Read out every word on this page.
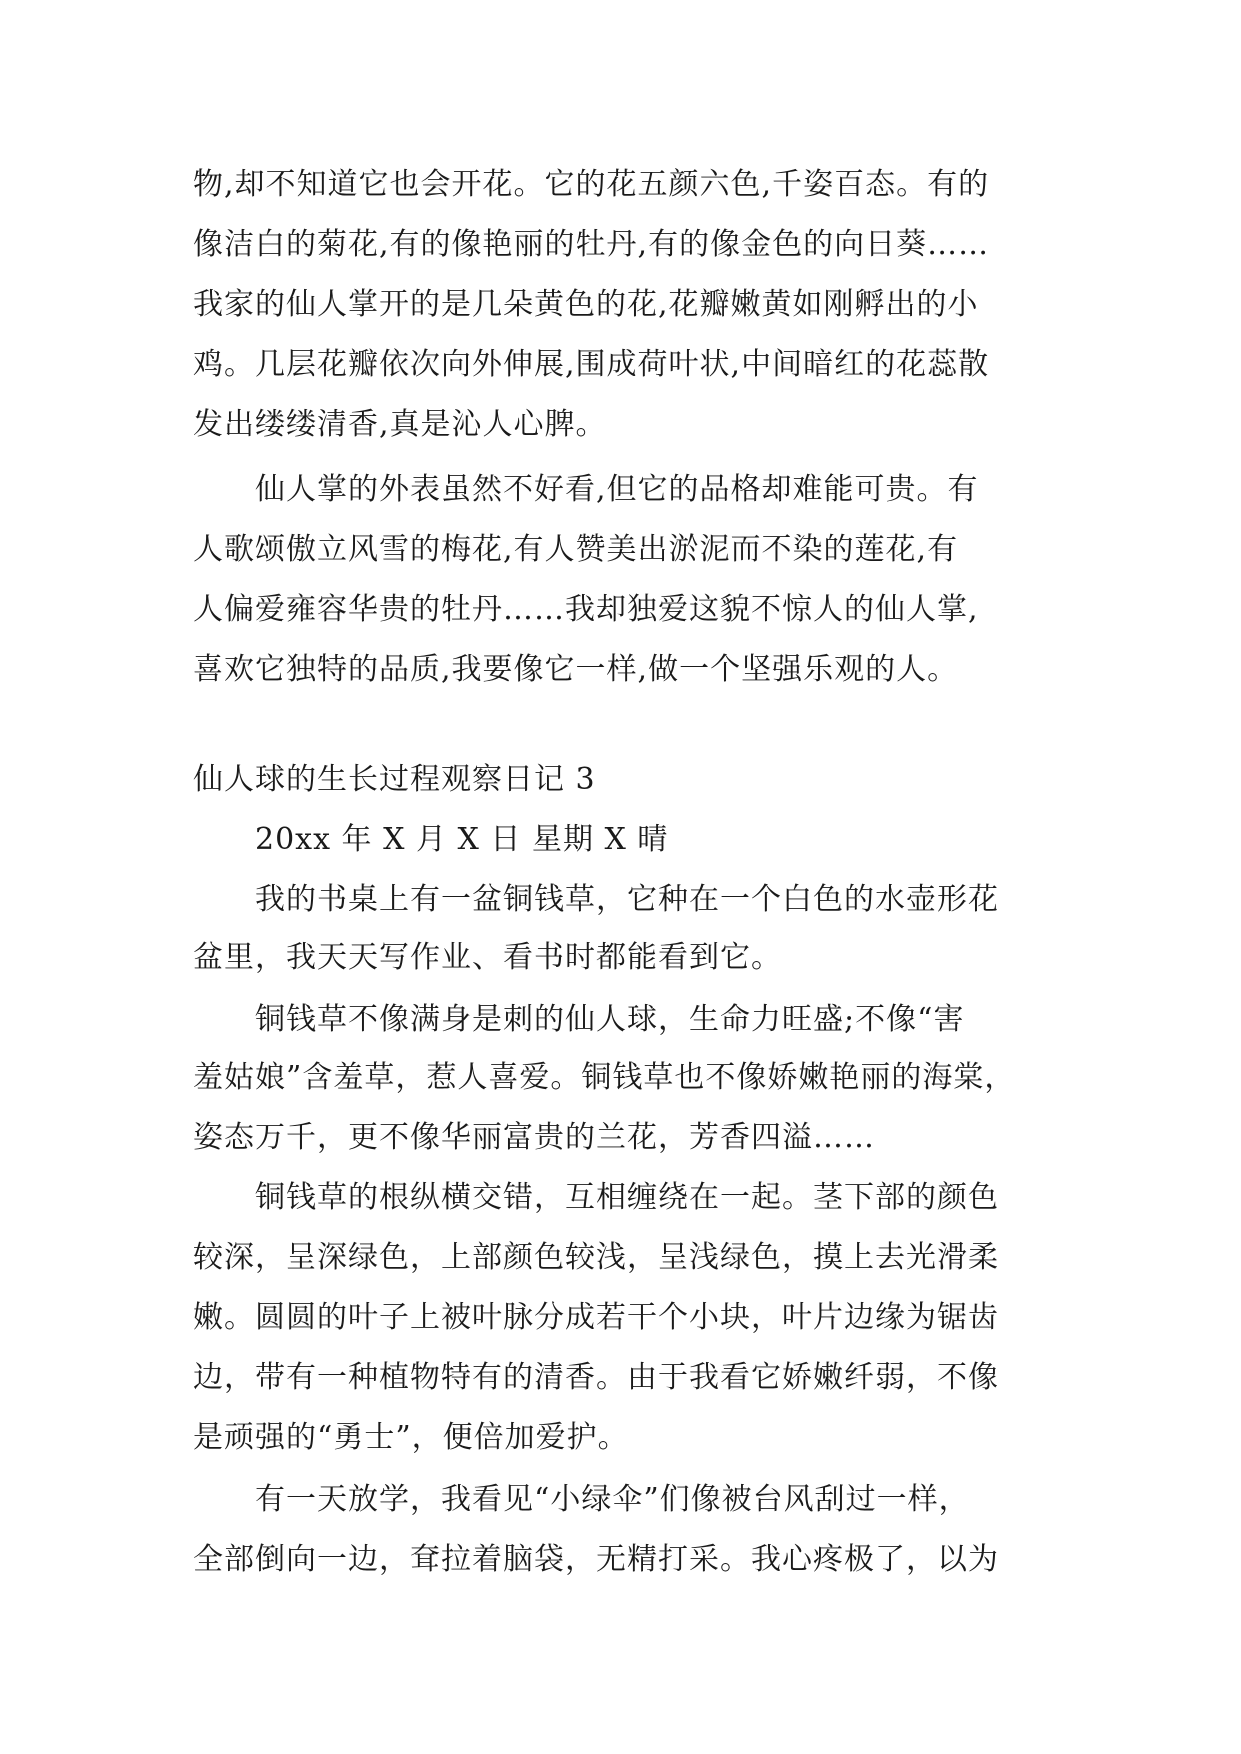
物,却不知道它也会开花。它的花五颜六色,千姿百态。有的
像洁白的菊花,有的像艳丽的牡丹,有的像金色的向日葵……
我家的仙人掌开的是几朵黄色的花,花瓣嫩黄如刚孵出的小
鸡。几层花瓣依次向外伸展,围成荷叶状,中间暗红的花蕊散
发出缕缕清香,真是沁人心脾。
　　仙人掌的外表虽然不好看,但它的品格却难能可贵。有
人歌颂傲立风雪的梅花,有人赞美出淤泥而不染的莲花,有
人偏爱雍容华贵的牡丹……我却独爱这貌不惊人的仙人掌,
喜欢它独特的品质,我要像它一样,做一个坚强乐观的人。
仙人球的生长过程观察日记 3
　　20xx 年 X 月 X 日 星期 X 晴
　　我的书桌上有一盆铜钱草，它种在一个白色的水壶形花
盆里，我天天写作业、看书时都能看到它。
　　铜钱草不像满身是刺的仙人球，生命力旺盛;不像“害
羞姑娘”含羞草，惹人喜爱。铜钱草也不像娇嫩艳丽的海棠，
姿态万千，更不像华丽富贵的兰花，芳香四溢……
　　铜钱草的根纵横交错，互相缠绕在一起。茎下部的颜色
较深，呈深绿色，上部颜色较浅，呈浅绿色，摸上去光滑柔
嫩。圆圆的叶子上被叶脉分成若干个小块，叶片边缘为锯齿
边，带有一种植物特有的清香。由于我看它娇嫩纤弱，不像
是顽强的“勇士”，便倍加爱护。
　　有一天放学，我看见“小绿伞”们像被台风刮过一样，
全部倒向一边，耷拉着脑袋，无精打采。我心疼极了，以为
